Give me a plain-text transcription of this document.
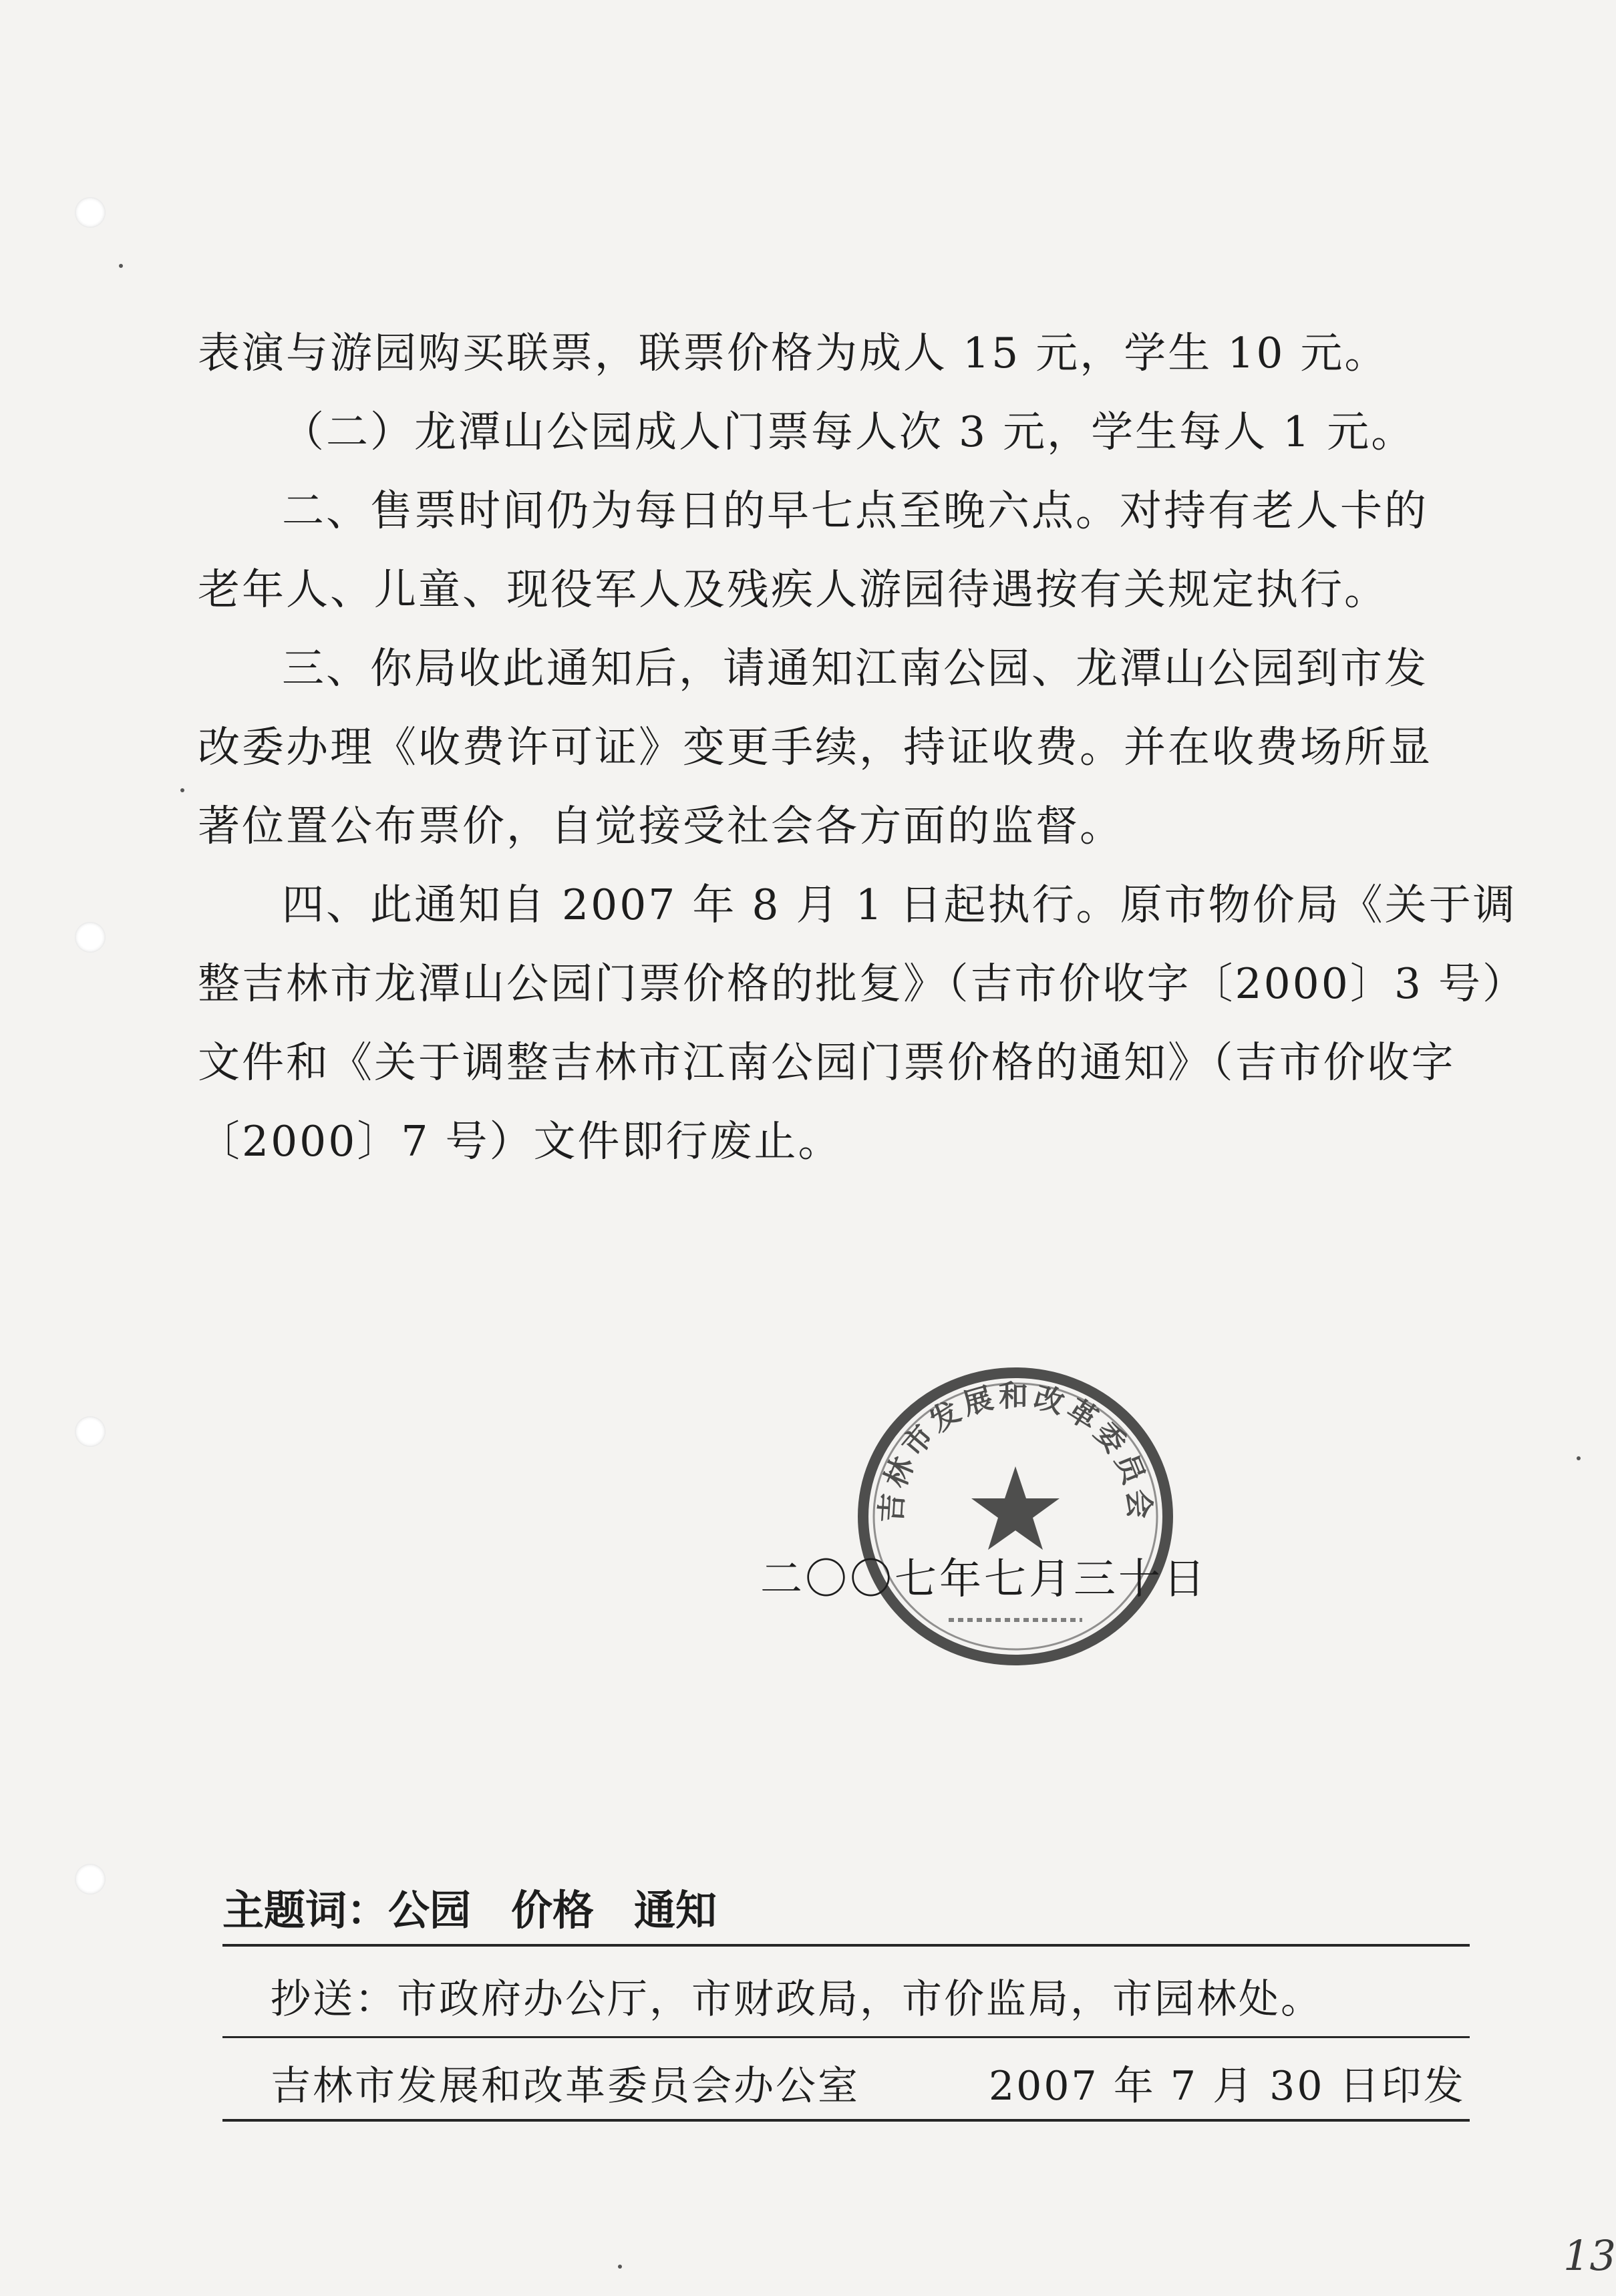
表演与游园购买联票，联票价格为成人 15 元，学生 10 元。
（二）龙潭山公园成人门票每人次 3 元，学生每人 1 元。
二、售票时间仍为每日的早七点至晚六点。对持有老人卡的
老年人、儿童、现役军人及残疾人游园待遇按有关规定执行。
三、你局收此通知后，请通知江南公园、龙潭山公园到市发
改委办理《收费许可证》变更手续，持证收费。并在收费场所显
著位置公布票价，自觉接受社会各方面的监督。
四、此通知自 2007 年 8 月 1 日起执行。原市物价局《关于调
整吉林市龙潭山公园门票价格的批复》（吉市价收字〔2000〕3 号）
文件和《关于调整吉林市江南公园门票价格的通知》（吉市价收字
〔2000〕7 号）文件即行废止。
吉林市发展和改革委员会
二〇〇七年七月三十日
主题词：公园 价格 通知
抄送：市政府办公厅，市财政局，市价监局，市园林处。
吉林市发展和改革委员会办公室	2007 年 7 月 30 日印发
13
